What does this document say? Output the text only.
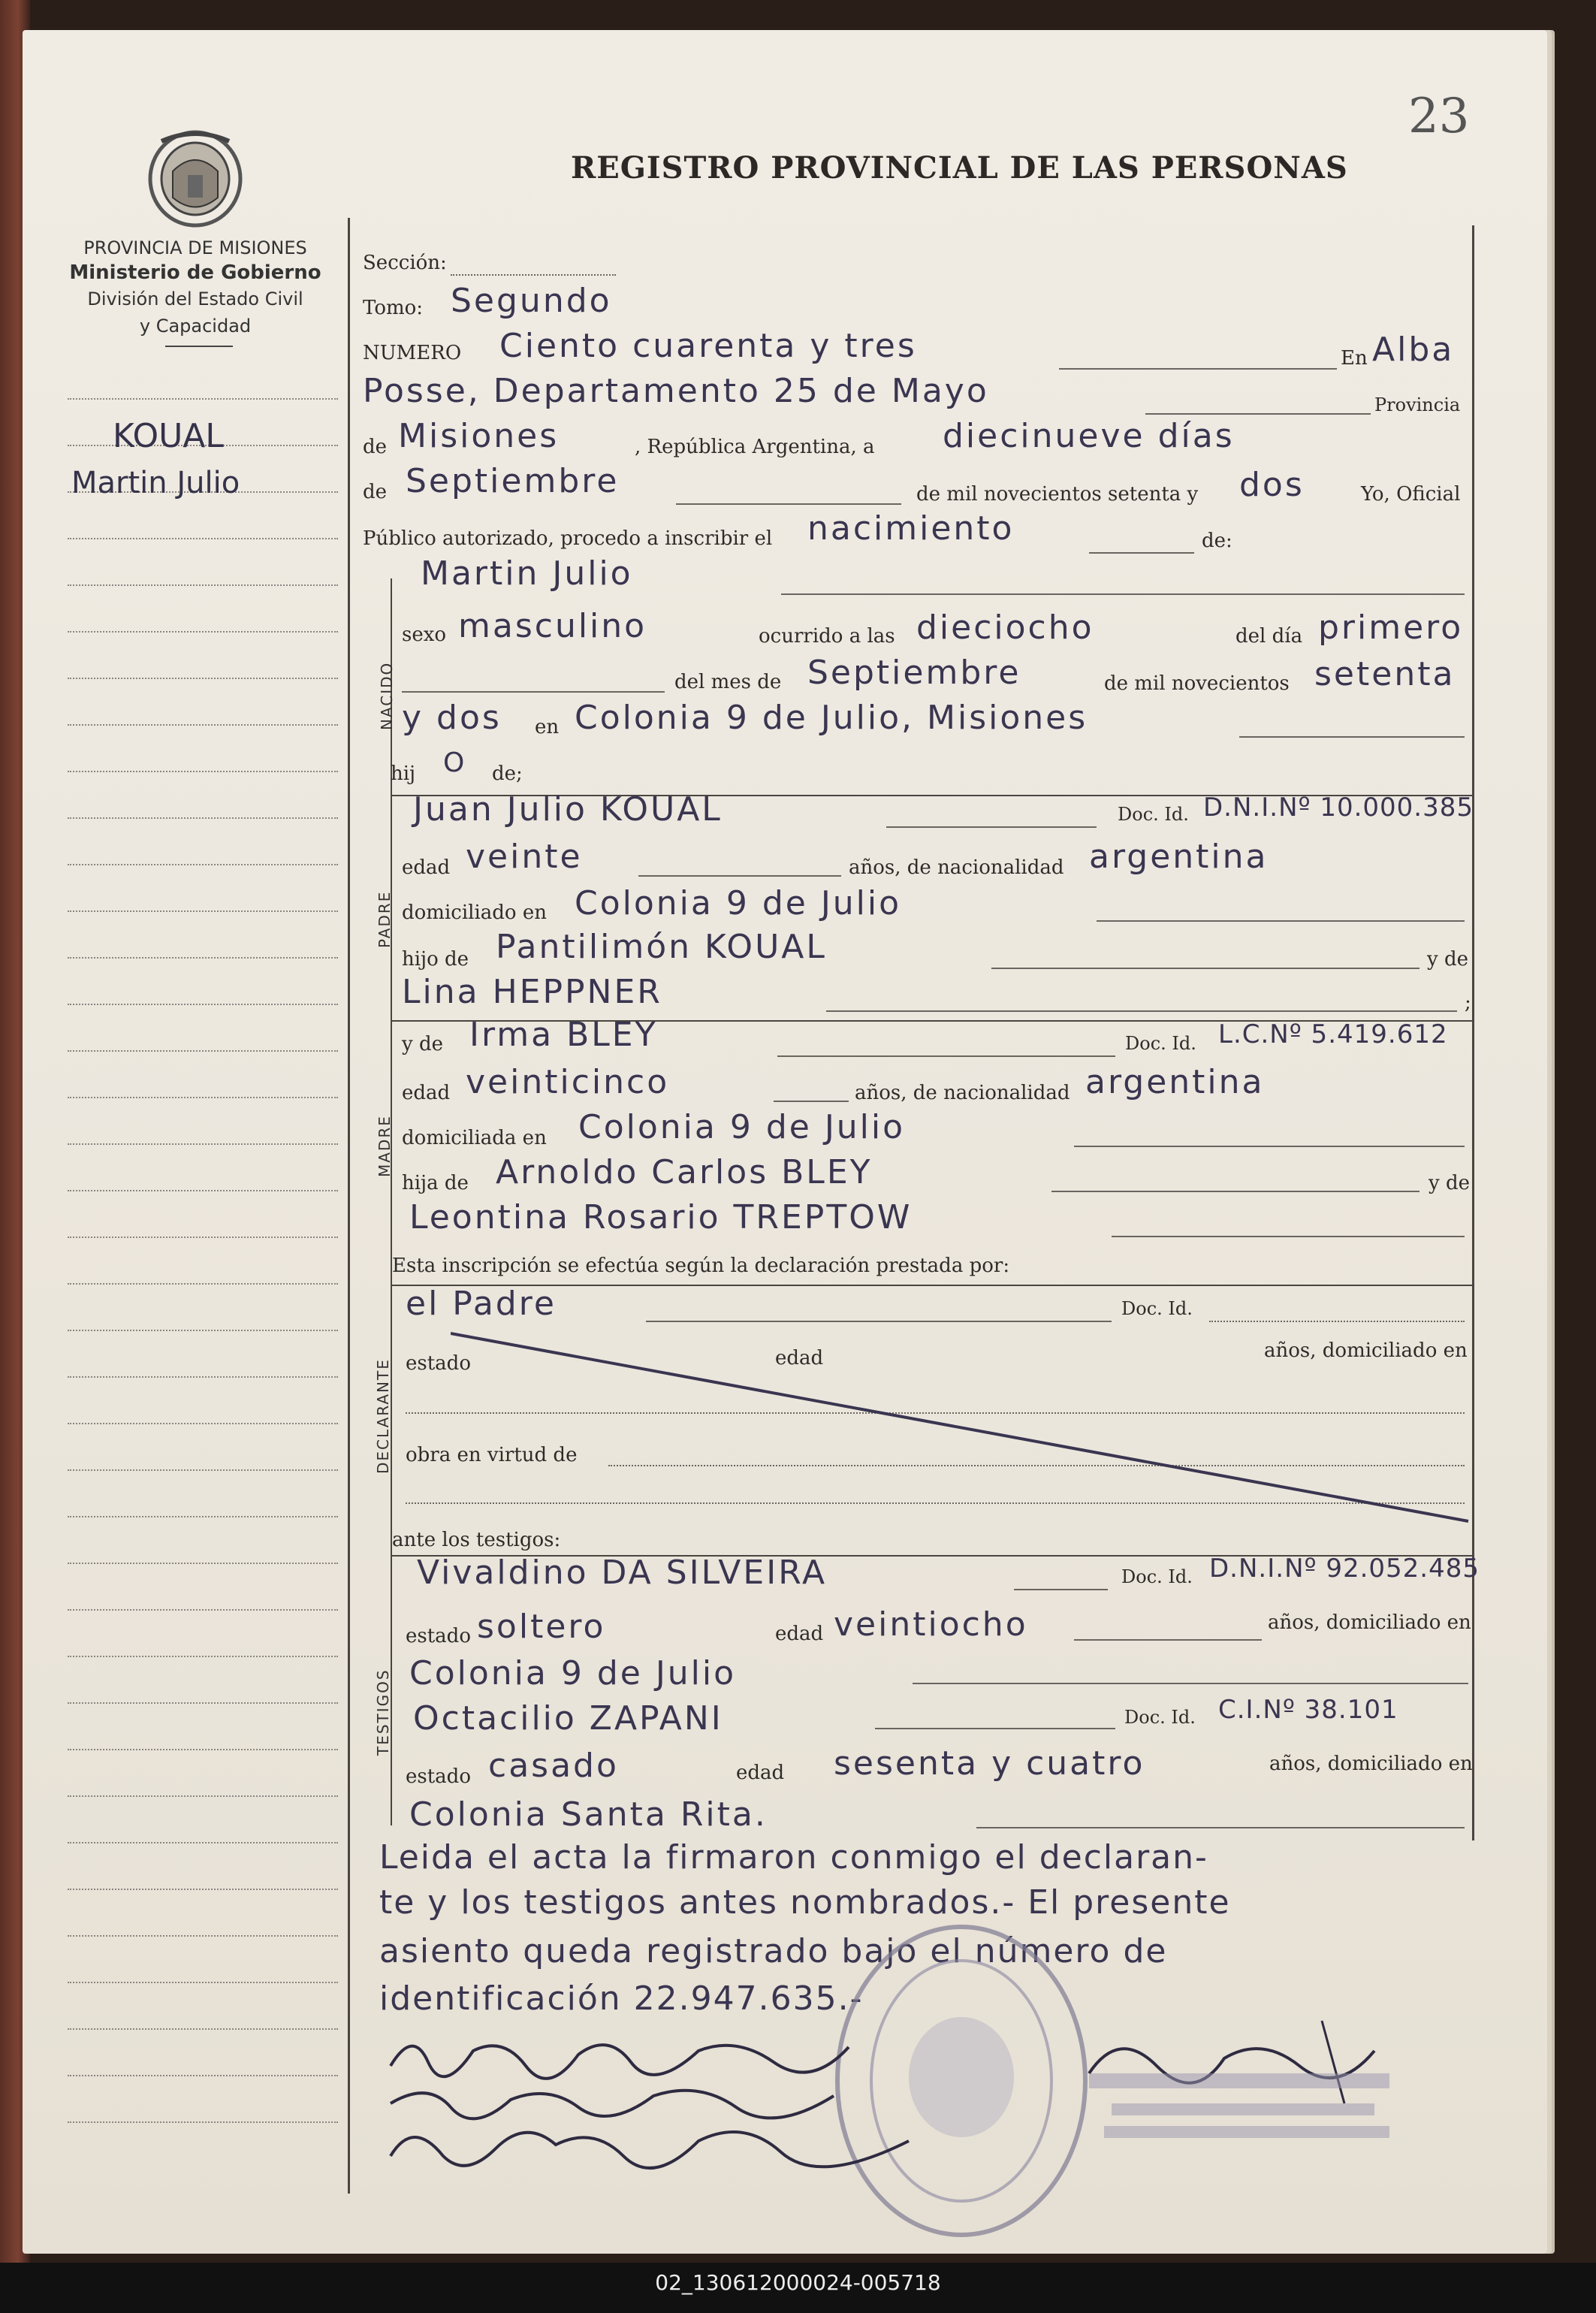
23
REGISTRO PROVINCIAL DE LAS PERSONAS
PROVINCIA DE MISIONES
Ministerio de Gobierno
División del Estado Civil
y Capacidad
KOUAL
Martin Julio
NACIDO
PADRE
MADRE
DECLARANTE
TESTIGOS
Sección:
Tomo: Segundo
NUMERO Ciento cuarenta y tres	En Alba
Posse, Departamento 25 de Mayo	Provincia
de Misiones	, República Argentina, a diecinueve días
de Septiembre	de mil novecientos setenta y dos	Yo, Oficial
Público autorizado, procedo a inscribir el nacimiento	de:
Martin Julio
sexo masculino	ocurrido a las dieciocho	del día primero
del mes de Septiembre	de mil novecientos setenta
y dos en Colonia 9 de Julio, Misiones
hij O de;
Juan Julio KOUAL	Doc. Id. D.N.I.Nº 10.000.385
edad veinte	años, de nacionalidad argentina
domiciliado en Colonia 9 de Julio
hijo de Pantilimón KOUAL	y de
Lina HEPPNER	;
y de Irma BLEY	Doc. Id. L.C.Nº 5.419.612
edad veinticinco	años, de nacionalidad argentina
domiciliada en Colonia 9 de Julio
hija de Arnoldo Carlos BLEY	y de
Leontina Rosario TREPTOW
Esta inscripción se efectúa según la declaración prestada por:
el Padre	Doc. Id.
estado	edad	años, domiciliado en
obra en virtud de
ante los testigos:
Vivaldino DA SILVEIRA	Doc. Id. D.N.I.Nº 92.052.485
estado soltero	edad veintiocho	años, domiciliado en
Colonia 9 de Julio
Octacilio ZAPANI	Doc. Id. C.I.Nº 38.101
estado casado	edad sesenta y cuatro	años, domiciliado en
Colonia Santa Rita.
Leida el acta la firmaron conmigo el declaran-
te y los testigos antes nombrados.- El presente
asiento queda registrado bajo el número de
identificación 22.947.635.-
02_130612000024-005718
